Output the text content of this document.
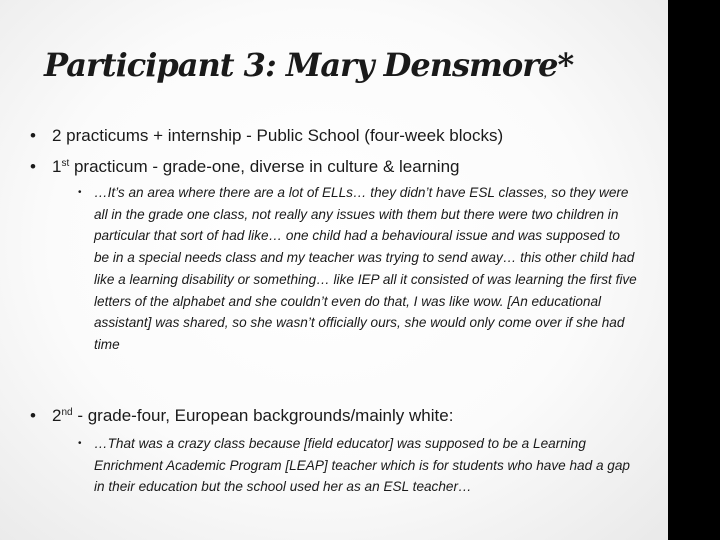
Participant 3: Mary Densmore*
• 2 practicums + internship - Public School (four-week blocks)
• 1st practicum - grade-one, diverse in culture & learning
• …It’s an area where there are a lot of ELLs… they didn’t have ESL classes, so they were all in the grade one class, not really any issues with them but there were two children in particular that sort of had like… one child had a behavioural issue and was supposed to be in a special needs class and my teacher was trying to send away… this other child had like a learning disability or something… like IEP all it consisted of was learning the first five letters of the alphabet and she couldn’t even do that, I was like wow. [An educational assistant] was shared, so she wasn’t officially ours, she would only come over if she had time
• 2nd - grade-four, European backgrounds/mainly white:
• …That was a crazy class because [field educator] was supposed to be a Learning Enrichment Academic Program [LEAP] teacher which is for students who have had a gap in their education but the school used her as an ESL teacher…
